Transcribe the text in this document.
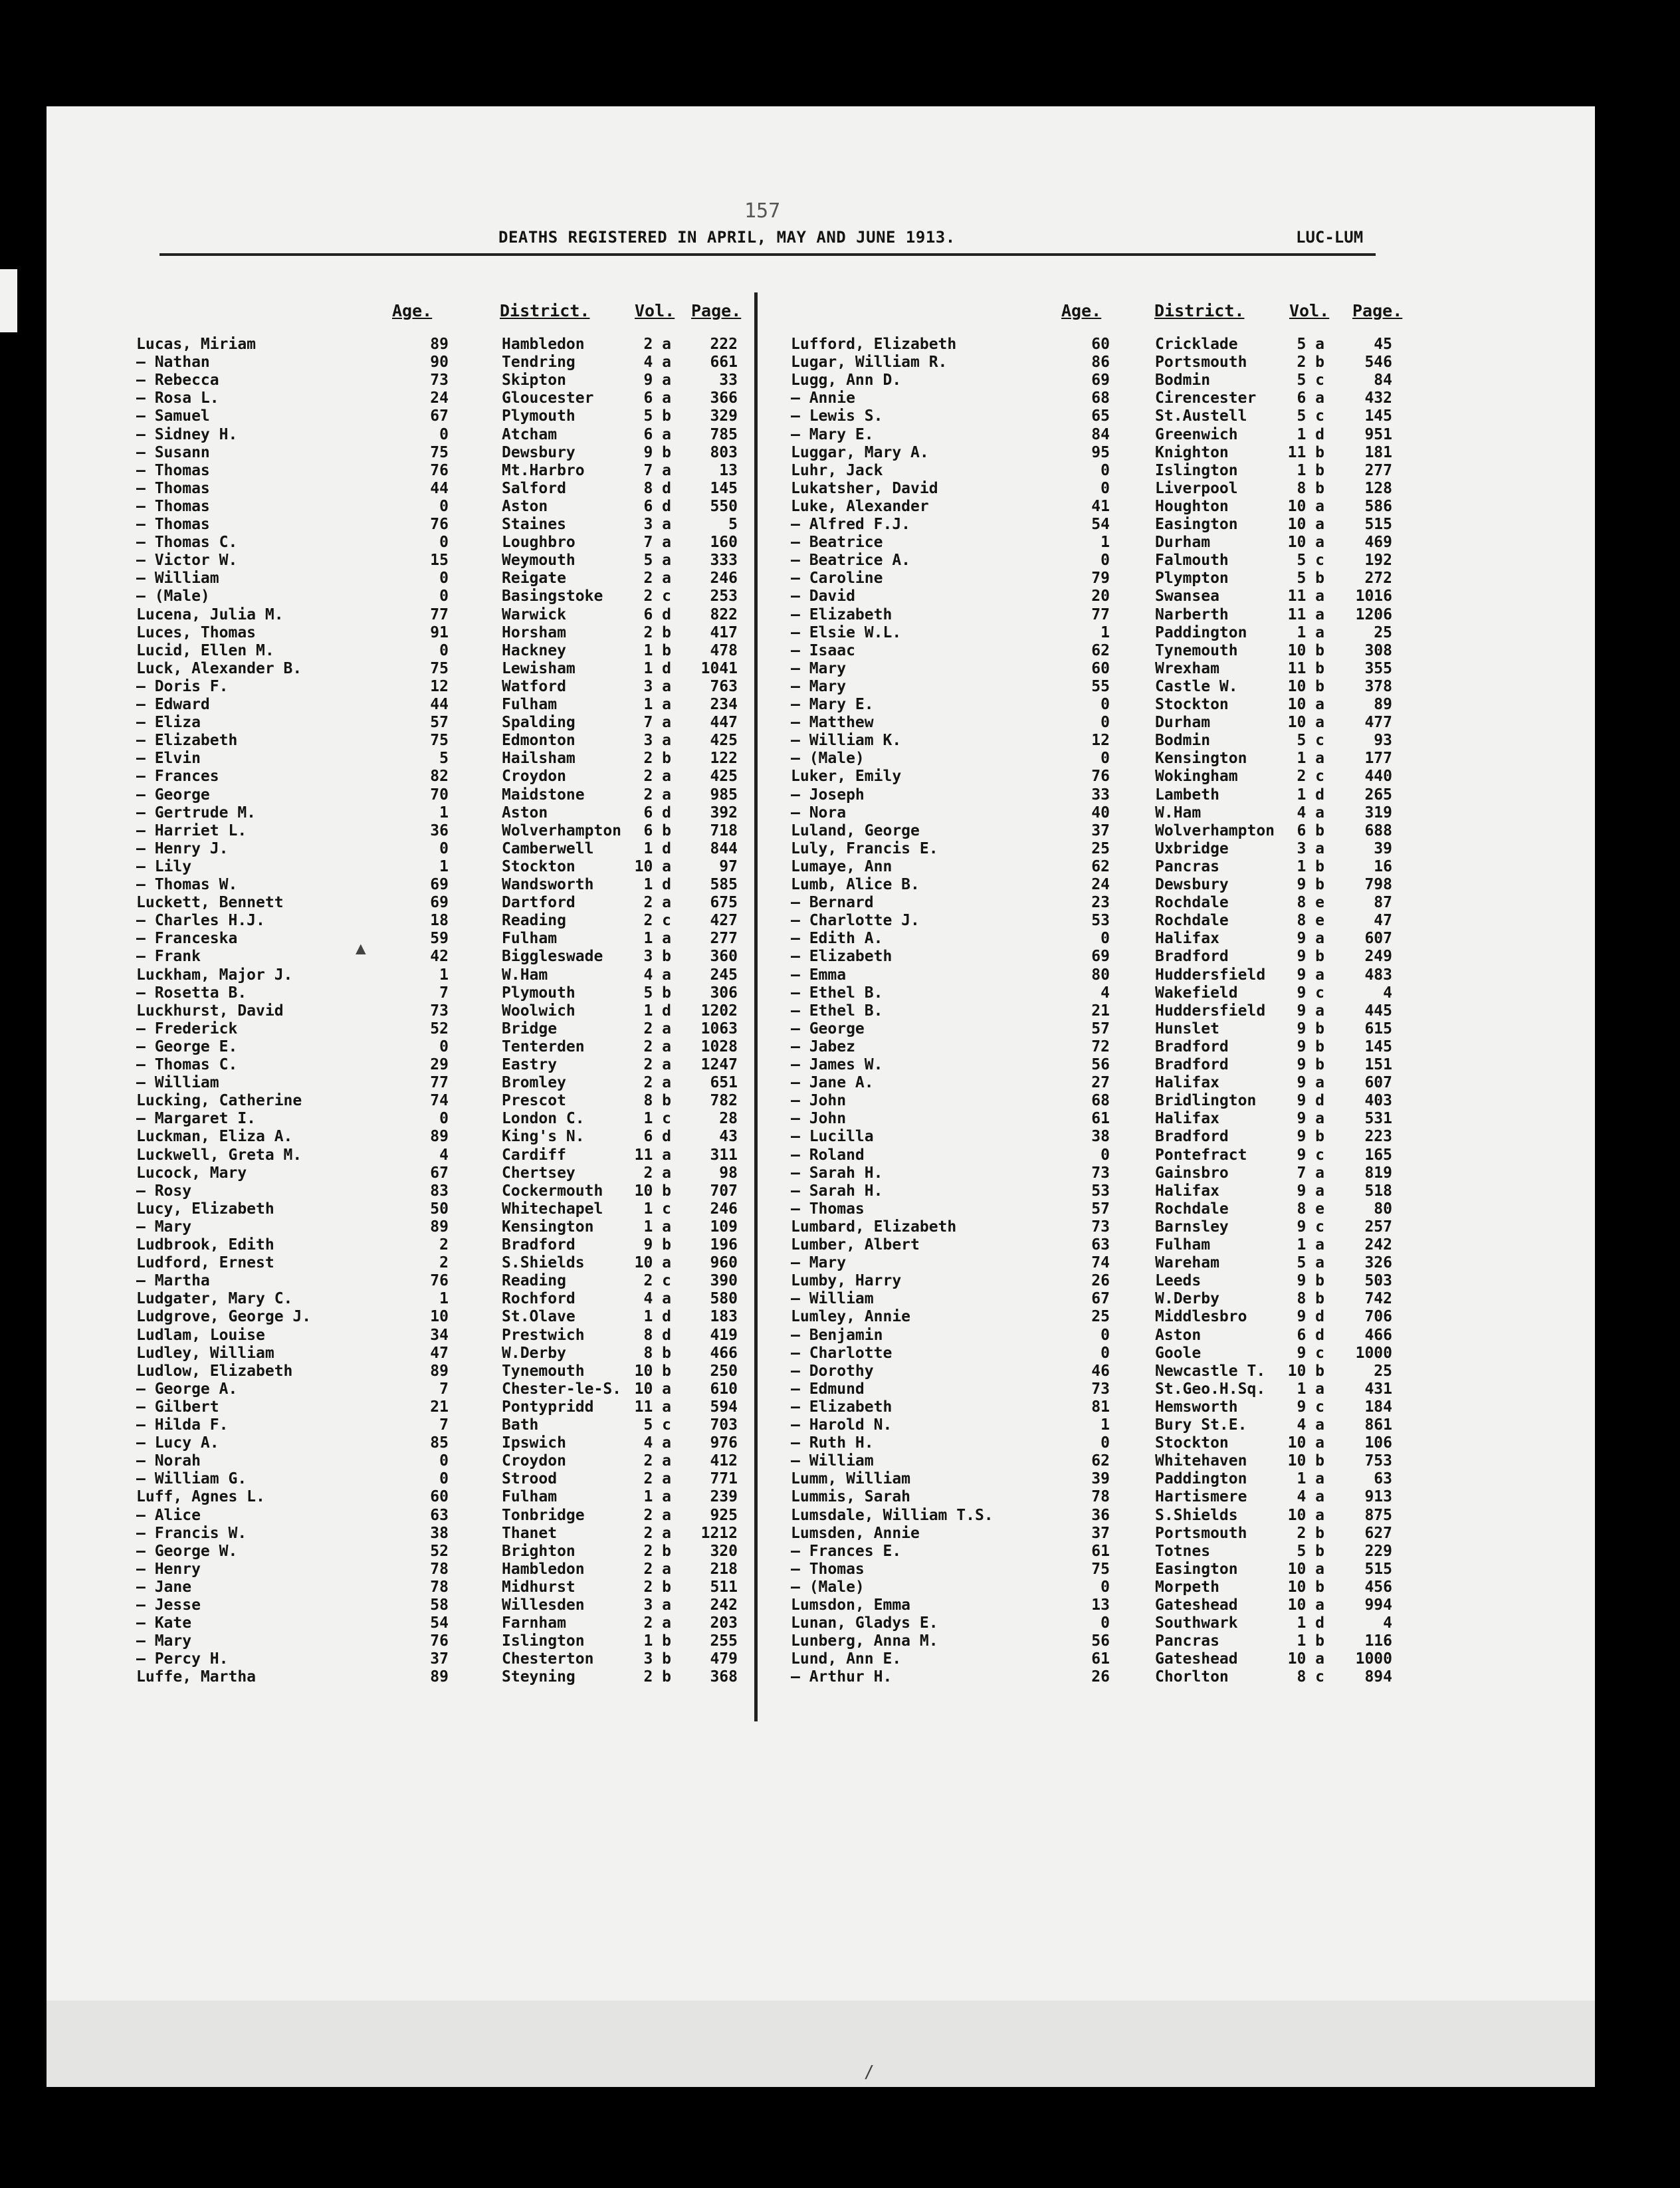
157
DEATHS REGISTERED IN APRIL, MAY AND JUNE 1913.	LUC-LUM
Age.	District.	Vol. Page.	Age.	District.	Vol. Page.
Lucas, Miriam	89	Hambledon	2 a	222
— Nathan	90	Tendring	4 a	661
— Rebecca	73	Skipton	9 a	33
— Rosa L.	24	Gloucester	6 a	366
— Samuel	67	Plymouth	5 b	329
— Sidney H.	0	Atcham	6 a	785
— Susann	75	Dewsbury	9 b	803
— Thomas	76	Mt.Harbro	7 a	13
— Thomas	44	Salford	8 d	145
— Thomas	0	Aston	6 d	550
— Thomas	76	Staines	3 a	5
— Thomas C.	0	Loughbro	7 a	160
— Victor W.	15	Weymouth	5 a	333
— William	0	Reigate	2 a	246
— (Male)	0	Basingstoke	2 c	253
Lucena, Julia M.	77	Warwick	6 d	822
Luces, Thomas	91	Horsham	2 b	417
Lucid, Ellen M.	0	Hackney	1 b	478
Luck, Alexander B.	75	Lewisham	1 d	1041
— Doris F.	12	Watford	3 a	763
— Edward	44	Fulham	1 a	234
— Eliza	57	Spalding	7 a	447
— Elizabeth	75	Edmonton	3 a	425
— Elvin	5	Hailsham	2 b	122
— Frances	82	Croydon	2 a	425
— George	70	Maidstone	2 a	985
— Gertrude M.	1	Aston	6 d	392
— Harriet L.	36	Wolverhampton	6 b	718
— Henry J.	0	Camberwell	1 d	844
— Lily	1	Stockton	10 a	97
— Thomas W.	69	Wandsworth	1 d	585
Luckett, Bennett	69	Dartford	2 a	675
— Charles H.J.	18	Reading	2 c	427
— Franceska	59	Fulham	1 a	277
— Frank	42	Biggleswade	3 b	360
Luckham, Major J.	1	W.Ham	4 a	245
— Rosetta B.	7	Plymouth	5 b	306
Luckhurst, David	73	Woolwich	1 d	1202
— Frederick	52	Bridge	2 a	1063
— George E.	0	Tenterden	2 a	1028
— Thomas C.	29	Eastry	2 a	1247
— William	77	Bromley	2 a	651
Lucking, Catherine	74	Prescot	8 b	782
— Margaret I.	0	London C.	1 c	28
Luckman, Eliza A.	89	King's N.	6 d	43
Luckwell, Greta M.	4	Cardiff	11 a	311
Lucock, Mary	67	Chertsey	2 a	98
— Rosy	83	Cockermouth	10 b	707
Lucy, Elizabeth	50	Whitechapel	1 c	246
— Mary	89	Kensington	1 a	109
Ludbrook, Edith	2	Bradford	9 b	196
Ludford, Ernest	2	S.Shields	10 a	960
— Martha	76	Reading	2 c	390
Ludgater, Mary C.	1	Rochford	4 a	580
Ludgrove, George J.	10	St.Olave	1 d	183
Ludlam, Louise	34	Prestwich	8 d	419
Ludley, William	47	W.Derby	8 b	466
Ludlow, Elizabeth	89	Tynemouth	10 b	250
— George A.	7	Chester-le-S. 10 a	610
— Gilbert	21	Pontypridd	11 a	594
— Hilda F.	7	Bath	5 c	703
— Lucy A.	85	Ipswich	4 a	976
— Norah	0	Croydon	2 a	412
— William G.	0	Strood	2 a	771
Luff, Agnes L.	60	Fulham	1 a	239
— Alice	63	Tonbridge	2 a	925
— Francis W.	38	Thanet	2 a	1212
— George W.	52	Brighton	2 b	320
— Henry	78	Hambledon	2 a	218
— Jane	78	Midhurst	2 b	511
— Jesse	58	Willesden	3 a	242
— Kate	54	Farnham	2 a	203
— Mary	76	Islington	1 b	255
— Percy H.	37	Chesterton	3 b	479
Luffe, Martha	89	Steyning	2 b	368
Lufford, Elizabeth	60	Cricklade	5 a	45
Lugar, William R.	86	Portsmouth	2 b	546
Lugg, Ann D.	69	Bodmin	5 c	84
— Annie	68	Cirencester	6 a	432
— Lewis S.	65	St.Austell	5 c	145
— Mary E.	84	Greenwich	1 d	951
Luggar, Mary A.	95	Knighton	11 b	181
Luhr, Jack	0	Islington	1 b	277
Lukatsher, David	0	Liverpool	8 b	128
Luke, Alexander	41	Houghton	10 a	586
— Alfred F.J.	54	Easington	10 a	515
— Beatrice	1	Durham	10 a	469
— Beatrice A.	0	Falmouth	5 c	192
— Caroline	79	Plympton	5 b	272
— David	20	Swansea	11 a	1016
— Elizabeth	77	Narberth	11 a	1206
— Elsie W.L.	1	Paddington	1 a	25
— Isaac	62	Tynemouth	10 b	308
— Mary	60	Wrexham	11 b	355
— Mary	55	Castle W.	10 b	378
— Mary E.	0	Stockton	10 a	89
— Matthew	0	Durham	10 a	477
— William K.	12	Bodmin	5 c	93
— (Male)	0	Kensington	1 a	177
Luker, Emily	76	Wokingham	2 c	440
— Joseph	33	Lambeth	1 d	265
— Nora	40	W.Ham	4 a	319
Luland, George	37	Wolverhampton	6 b	688
Luly, Francis E.	25	Uxbridge	3 a	39
Lumaye, Ann	62	Pancras	1 b	16
Lumb, Alice B.	24	Dewsbury	9 b	798
— Bernard	23	Rochdale	8 e	87
— Charlotte J.	53	Rochdale	8 e	47
— Edith A.	0	Halifax	9 a	607
— Elizabeth	69	Bradford	9 b	249
— Emma	80	Huddersfield	9 a	483
— Ethel B.	4	Wakefield	9 c	4
— Ethel B.	21	Huddersfield	9 a	445
— George	57	Hunslet	9 b	615
— Jabez	72	Bradford	9 b	145
— James W.	56	Bradford	9 b	151
— Jane A.	27	Halifax	9 a	607
— John	68	Bridlington	9 d	403
— John	61	Halifax	9 a	531
— Lucilla	38	Bradford	9 b	223
— Roland	0	Pontefract	9 c	165
— Sarah H.	73	Gainsbro	7 a	819
— Sarah H.	53	Halifax	9 a	518
— Thomas	57	Rochdale	8 e	80
Lumbard, Elizabeth	73	Barnsley	9 c	257
Lumber, Albert	63	Fulham	1 a	242
— Mary	74	Wareham	5 a	326
Lumby, Harry	26	Leeds	9 b	503
— William	67	W.Derby	8 b	742
Lumley, Annie	25	Middlesbro	9 d	706
— Benjamin	0	Aston	6 d	466
— Charlotte	0	Goole	9 c	1000
— Dorothy	46	Newcastle T.	10 b	25
— Edmund	73	St.Geo.H.Sq.	1 a	431
— Elizabeth	81	Hemsworth	9 c	184
— Harold N.	1	Bury St.E.	4 a	861
— Ruth H.	0	Stockton	10 a	106
— William	62	Whitehaven	10 b	753
Lumm, William	39	Paddington	1 a	63
Lummis, Sarah	78	Hartismere	4 a	913
Lumsdale, William T.S.	36	S.Shields	10 a	875
Lumsden, Annie	37	Portsmouth	2 b	627
— Frances E.	61	Totnes	5 b	229
— Thomas	75	Easington	10 a	515
— (Male)	0	Morpeth	10 b	456
Lumsdon, Emma	13	Gateshead	10 a	994
Lunan, Gladys E.	0	Southwark	1 d	4
Lunberg, Anna M.	56	Pancras	1 b	116
Lund, Ann E.	61	Gateshead	10 a	1000
— Arthur H.	26	Chorlton	8 c	894
▲
/
